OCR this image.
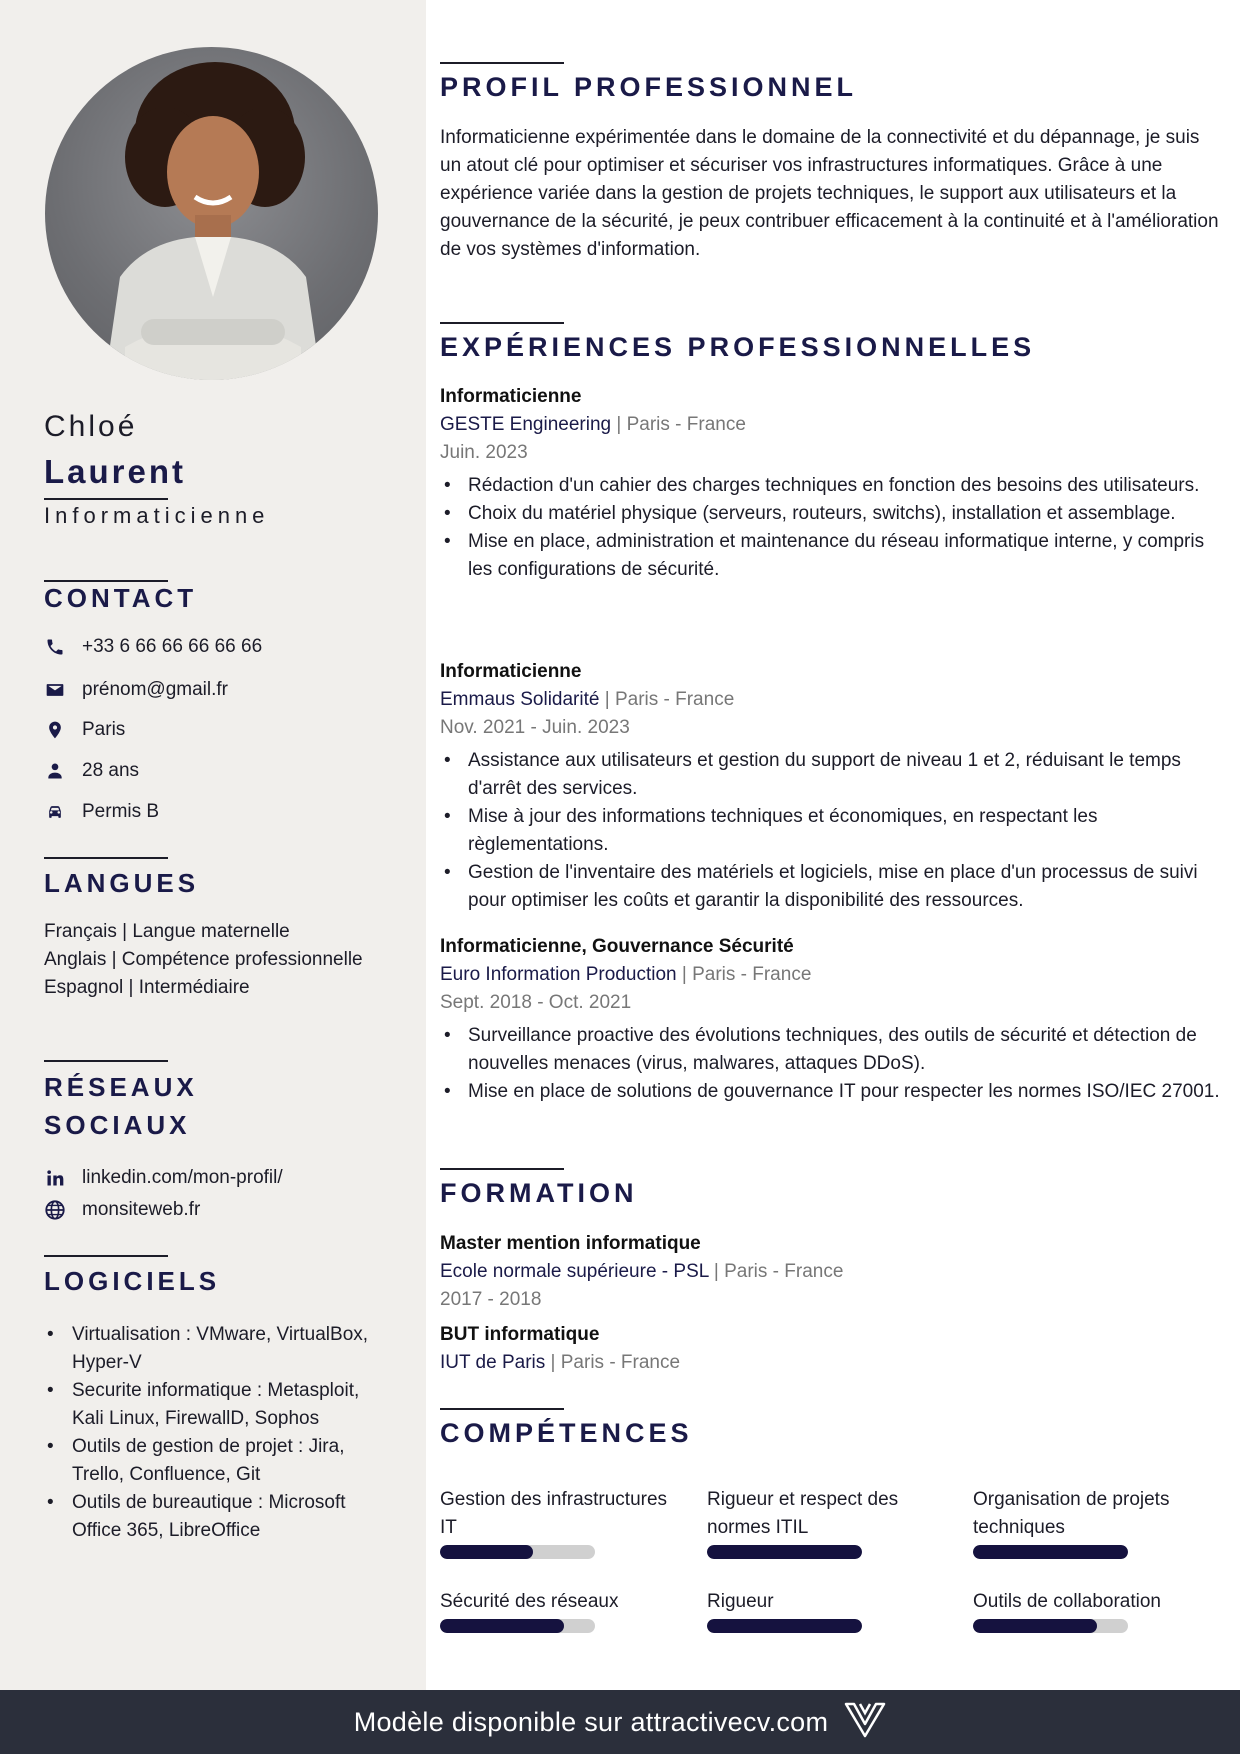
Chloé
Laurent
Informaticienne
CONTACT
+33 6 66 66 66 66 66
prénom@gmail.fr
Paris
28 ans
Permis B
LANGUES
Français | Langue maternelle
Anglais | Compétence professionnelle
Espagnol | Intermédiaire
RÉSEAUX
SOCIAUX
linkedin.com/mon-profil/
monsiteweb.fr
LOGICIELS
• Virtualisation : VMware, VirtualBox, Hyper-V
• Securite informatique : Metasploit, Kali Linux, FirewallD, Sophos
• Outils de gestion de projet : Jira, Trello, Confluence, Git
• Outils de bureautique : Microsoft Office 365, LibreOffice
PROFIL PROFESSIONNEL
Informaticienne expérimentée dans le domaine de la connectivité et du dépannage, je suis un atout clé pour optimiser et sécuriser vos infrastructures informatiques. Grâce à une expérience variée dans la gestion de projets techniques, le support aux utilisateurs et la gouvernance de la sécurité, je peux contribuer efficacement à la continuité et à l'amélioration de vos systèmes d'information.
EXPÉRIENCES PROFESSIONNELLES
Informaticienne
GESTE Engineering | Paris - France
Juin. 2023
• Rédaction d'un cahier des charges techniques en fonction des besoins des utilisateurs.
• Choix du matériel physique (serveurs, routeurs, switchs), installation et assemblage.
• Mise en place, administration et maintenance du réseau informatique interne, y compris les configurations de sécurité.
Informaticienne
Emmaus Solidarité | Paris - France
Nov. 2021 - Juin. 2023
• Assistance aux utilisateurs et gestion du support de niveau 1 et 2, réduisant le temps d'arrêt des services.
• Mise à jour des informations techniques et économiques, en respectant les règlementations.
• Gestion de l'inventaire des matériels et logiciels, mise en place d'un processus de suivi pour optimiser les coûts et garantir la disponibilité des ressources.
Informaticienne, Gouvernance Sécurité
Euro Information Production | Paris - France
Sept. 2018 - Oct. 2021
• Surveillance proactive des évolutions techniques, des outils de sécurité et détection de nouvelles menaces (virus, malwares, attaques DDoS).
• Mise en place de solutions de gouvernance IT pour respecter les normes ISO/IEC 27001.
FORMATION
Master mention informatique
Ecole normale supérieure - PSL | Paris - France
2017 - 2018
BUT informatique
IUT de Paris | Paris - France
COMPÉTENCES
Gestion des infrastructures IT
Rigueur et respect des normes ITIL
Organisation de projets techniques
Sécurité des réseaux	Rigueur	Outils de collaboration
Modèle disponible sur attractivecv.com
